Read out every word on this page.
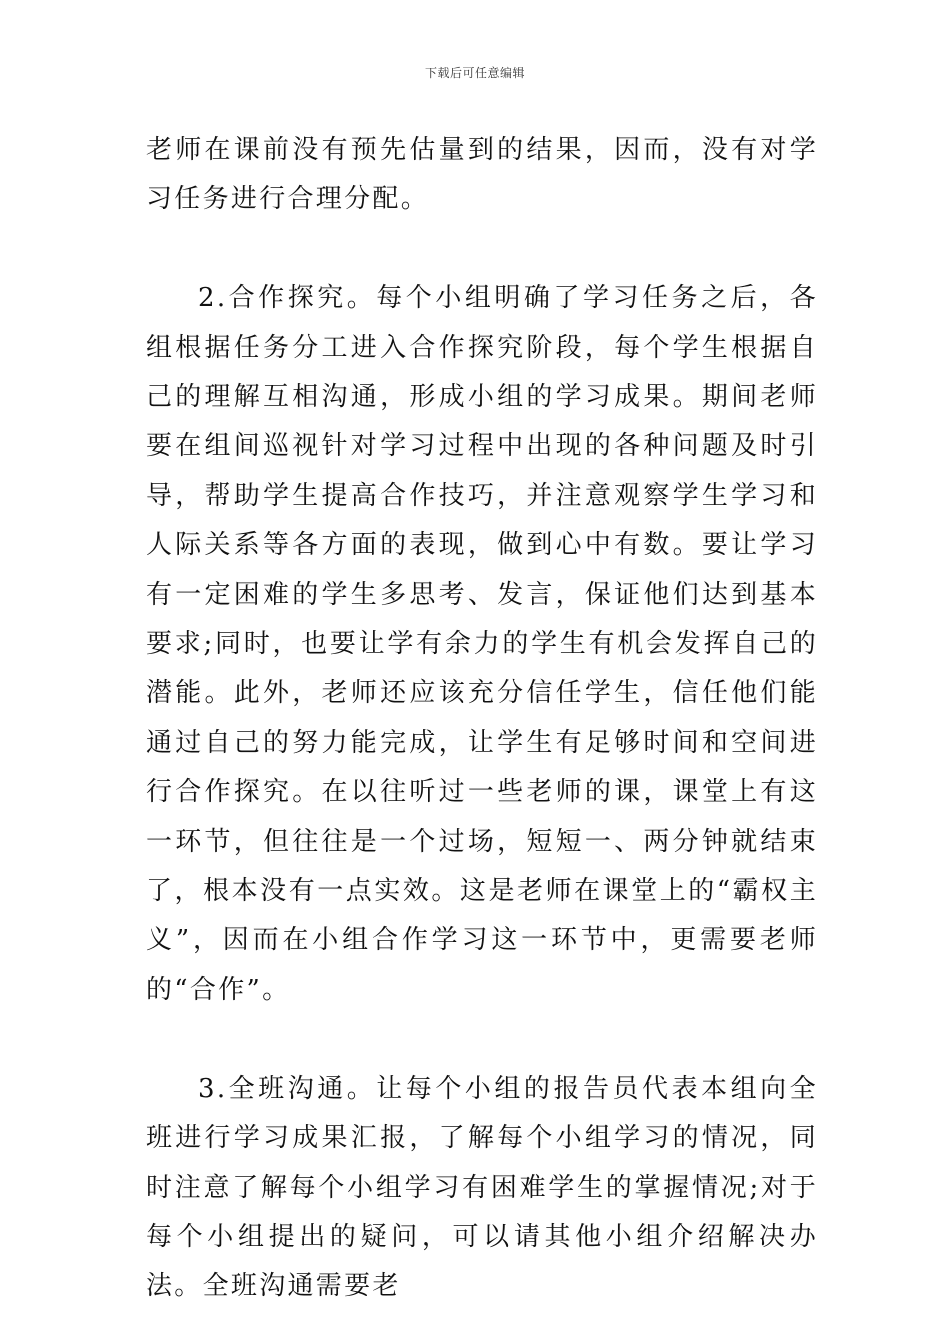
下载后可任意编辑

老师在课前没有预先估量到的结果，因而，没有对学习任务进行合理分配。

2.合作探究。每个小组明确了学习任务之后，各组根据任务分工进入合作探究阶段，每个学生根据自己的理解互相沟通，形成小组的学习成果。期间老师要在组间巡视针对学习过程中出现的各种问题及时引导，帮助学生提高合作技巧，并注意观察学生学习和人际关系等各方面的表现，做到心中有数。要让学习有一定困难的学生多思考、发言，保证他们达到基本要求;同时，也要让学有余力的学生有机会发挥自己的潜能。此外，老师还应该充分信任学生，信任他们能通过自己的努力能完成，让学生有足够时间和空间进行合作探究。在以往听过一些老师的课，课堂上有这一环节，但往往是一个过场，短短一、两分钟就结束了，根本没有一点实效。这是老师在课堂上的“霸权主义”，因而在小组合作学习这一环节中，更需要老师的“合作”。

3.全班沟通。让每个小组的报告员代表本组向全班进行学习成果汇报，了解每个小组学习的情况，同时注意了解每个小组学习有困难学生的掌握情况;对于每个小组提出的疑问，可以请其他小组介绍解决办法。全班沟通需要老
